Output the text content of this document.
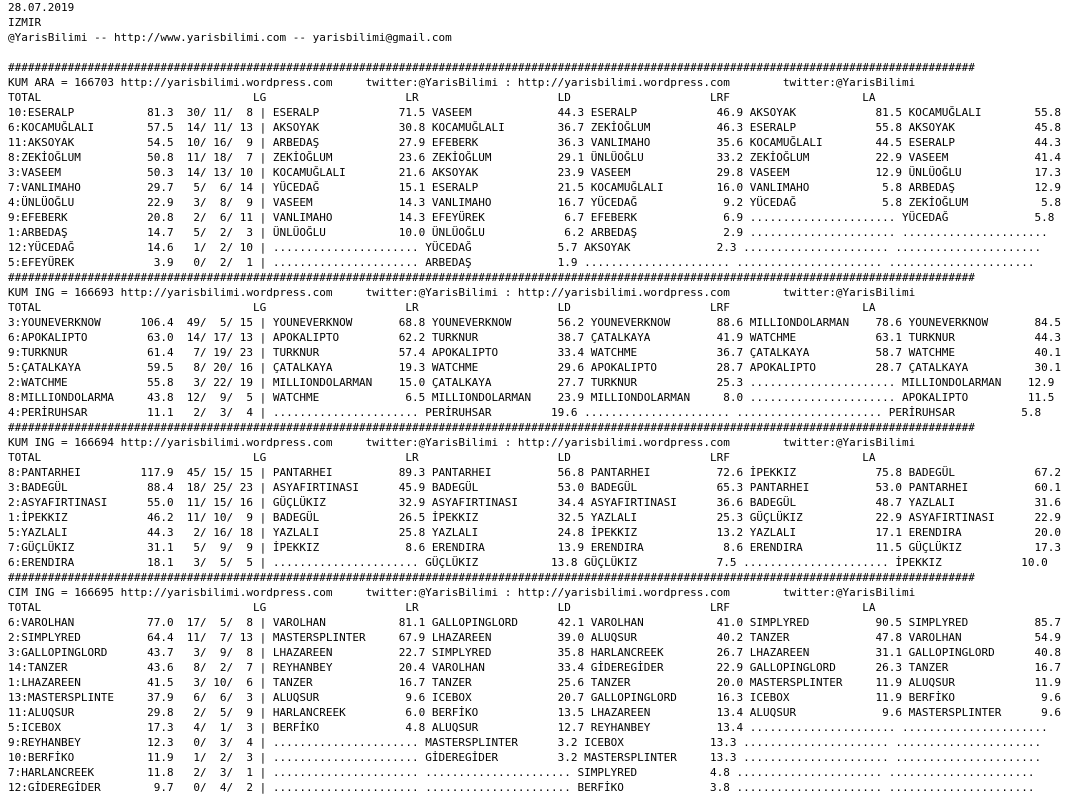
28.07.2019
IZMIR
@YarisBilimi -- http://www.yarisbilimi.com -- yarisbilimi@gmail.com

##################################################################################################################################################
KUM ARA = 166703 http://yarisbilimi.wordpress.com     twitter:@YarisBilimi : http://yarisbilimi.wordpress.com        twitter:@YarisBilimi
TOTAL                                LG                     LR                     LD                     LRF                    LA
10:ESERALP           81.3  30/ 11/  8 | ESERALP            71.5 VASEEM             44.3 ESERALP            46.9 AKSOYAK            81.5 KOCAMUĞLALI        55.8
6:KOCAMUĞLALI        57.5  14/ 11/ 13 | AKSOYAK            30.8 KOCAMUĞLALI        36.7 ZEKİOĞLUM          46.3 ESERALP            55.8 AKSOYAK            45.8
11:AKSOYAK           54.5  10/ 16/  9 | ARBEDAŞ            27.9 EFEBERK            36.3 VANLIMAHO          35.6 KOCAMUĞLALI        44.5 ESERALP            44.3
8:ZEKİOĞLUM          50.8  11/ 18/  7 | ZEKİOĞLUM          23.6 ZEKİOĞLUM          29.1 ÜNLÜOĞLU           33.2 ZEKİOĞLUM          22.9 VASEEM             41.4
3:VASEEM             50.3  14/ 13/ 10 | KOCAMUĞLALI        21.6 AKSOYAK            23.9 VASEEM             29.8 VASEEM             12.9 ÜNLÜOĞLU           17.3
7:VANLIMAHO          29.7   5/  6/ 14 | YÜCEDAĞ            15.1 ESERALP            21.5 KOCAMUĞLALI        16.0 VANLIMAHO           5.8 ARBEDAŞ            12.9
4:ÜNLÜOĞLU           22.9   3/  8/  9 | VASEEM             14.3 VANLIMAHO          16.7 YÜCEDAĞ             9.2 YÜCEDAĞ             5.8 ZEKİOĞLUM           5.8
9:EFEBERK            20.8   2/  6/ 11 | VANLIMAHO          14.3 EFEYÜREK            6.7 EFEBERK             6.9 ...................... YÜCEDAĞ             5.8
1:ARBEDAŞ            14.7   5/  2/  3 | ÜNLÜOĞLU           10.0 ÜNLÜOĞLU            6.2 ARBEDAŞ             2.9 ...................... ......................
12:YÜCEDAĞ           14.6   1/  2/ 10 | ...................... YÜCEDAĞ             5.7 AKSOYAK             2.3 ...................... ......................
5:EFEYÜREK            3.9   0/  2/  1 | ...................... ARBEDAŞ             1.9 ...................... ...................... ......................
##################################################################################################################################################
KUM ING = 166693 http://yarisbilimi.wordpress.com     twitter:@YarisBilimi : http://yarisbilimi.wordpress.com        twitter:@YarisBilimi
TOTAL                                LG                     LR                     LD                     LRF                    LA
3:YOUNEVERKNOW      106.4  49/  5/ 15 | YOUNEVERKNOW       68.8 YOUNEVERKNOW       56.2 YOUNEVERKNOW       88.6 MILLIONDOLARMAN    78.6 YOUNEVERKNOW       84.5
6:APOKALIPTO         63.0  14/ 17/ 13 | APOKALIPTO         62.2 TURKNUR            38.7 ÇATALKAYA          41.9 WATCHME            63.1 TURKNUR            44.3
9:TURKNUR            61.4   7/ 19/ 23 | TURKNUR            57.4 APOKALIPTO         33.4 WATCHME            36.7 ÇATALKAYA          58.7 WATCHME            40.1
5:ÇATALKAYA          59.5   8/ 20/ 16 | ÇATALKAYA          19.3 WATCHME            29.6 APOKALIPTO         28.7 APOKALIPTO         28.7 ÇATALKAYA          30.1
2:WATCHME            55.8   3/ 22/ 19 | MILLIONDOLARMAN    15.0 ÇATALKAYA          27.7 TURKNUR            25.3 ...................... MILLIONDOLARMAN    12.9
8:MILLIONDOLARMA     43.8  12/  9/  5 | WATCHME             6.5 MILLIONDOLARMAN    23.9 MILLIONDOLARMAN     8.0 ...................... APOKALIPTO         11.5
4:PERİRUHSAR         11.1   2/  3/  4 | ...................... PERİRUHSAR         19.6 ...................... ...................... PERİRUHSAR          5.8
##################################################################################################################################################
KUM ING = 166694 http://yarisbilimi.wordpress.com     twitter:@YarisBilimi : http://yarisbilimi.wordpress.com        twitter:@YarisBilimi
TOTAL                                LG                     LR                     LD                     LRF                    LA
8:PANTARHEI         117.9  45/ 15/ 15 | PANTARHEI          89.3 PANTARHEI          56.8 PANTARHEI          72.6 İPEKKIZ            75.8 BADEGÜL            67.2
3:BADEGÜL            88.4  18/ 25/ 23 | ASYAFIRTINASI      45.9 BADEGÜL            53.0 BADEGÜL            65.3 PANTARHEI          53.0 PANTARHEI          60.1
2:ASYAFIRTINASI      55.0  11/ 15/ 16 | GÜÇLÜKIZ           32.9 ASYAFIRTINASI      34.4 ASYAFIRTINASI      36.6 BADEGÜL            48.7 YAZLALI            31.6
1:İPEKKIZ            46.2  11/ 10/  9 | BADEGÜL            26.5 İPEKKIZ            32.5 YAZLALI            25.3 GÜÇLÜKIZ           22.9 ASYAFIRTINASI      22.9
5:YAZLALI            44.3   2/ 16/ 18 | YAZLALI            25.8 YAZLALI            24.8 İPEKKIZ            13.2 YAZLALI            17.1 ERENDIRA           20.0
7:GÜÇLÜKIZ           31.1   5/  9/  9 | İPEKKIZ             8.6 ERENDIRA           13.9 ERENDIRA            8.6 ERENDIRA           11.5 GÜÇLÜKIZ           17.3
6:ERENDIRA           18.1   3/  5/  5 | ...................... GÜÇLÜKIZ           13.8 GÜÇLÜKIZ            7.5 ...................... İPEKKIZ            10.0
##################################################################################################################################################
CIM ING = 166695 http://yarisbilimi.wordpress.com     twitter:@YarisBilimi : http://yarisbilimi.wordpress.com        twitter:@YarisBilimi
TOTAL                                LG                     LR                     LD                     LRF                    LA
6:VAROLHAN           77.0  17/  5/  8 | VAROLHAN           81.1 GALLOPINGLORD      42.1 VAROLHAN           41.0 SIMPLYRED          90.5 SIMPLYRED          85.7
2:SIMPLYRED          64.4  11/  7/ 13 | MASTERSPLINTER     67.9 LHAZAREEN          39.0 ALUQSUR            40.2 TANZER             47.8 VAROLHAN           54.9
3:GALLOPINGLORD      43.7   3/  9/  8 | LHAZAREEN          22.7 SIMPLYRED          35.8 HARLANCREEK        26.7 LHAZAREEN          31.1 GALLOPINGLORD      40.8
14:TANZER            43.6   8/  2/  7 | REYHANBEY          20.4 VAROLHAN           33.4 GİDEREGİDER        22.9 GALLOPINGLORD      26.3 TANZER             16.7
1:LHAZAREEN          41.5   3/ 10/  6 | TANZER             16.7 TANZER             25.6 TANZER             20.0 MASTERSPLINTER     11.9 ALUQSUR            11.9
13:MASTERSPLINTE     37.9   6/  6/  3 | ALUQSUR             9.6 ICEBOX             20.7 GALLOPINGLORD      16.3 ICEBOX             11.9 BERFİKO             9.6
11:ALUQSUR           29.8   2/  5/  9 | HARLANCREEK         6.0 BERFİKO            13.5 LHAZAREEN          13.4 ALUQSUR             9.6 MASTERSPLINTER      9.6
5:ICEBOX             17.3   4/  1/  3 | BERFİKO             4.8 ALUQSUR            12.7 REYHANBEY          13.4 ...................... ......................
9:REYHANBEY          12.3   0/  3/  4 | ...................... MASTERSPLINTER      3.2 ICEBOX             13.3 ...................... ......................
10:BERFİKO           11.9   1/  2/  3 | ...................... GİDEREGİDER         3.2 MASTERSPLINTER     13.3 ...................... ......................
7:HARLANCREEK        11.8   2/  3/  1 | ...................... ...................... SIMPLYRED           4.8 ...................... ......................
12:GİDEREGİDER        9.7   0/  4/  2 | ...................... ...................... BERFİKO             3.8 ...................... ......................
